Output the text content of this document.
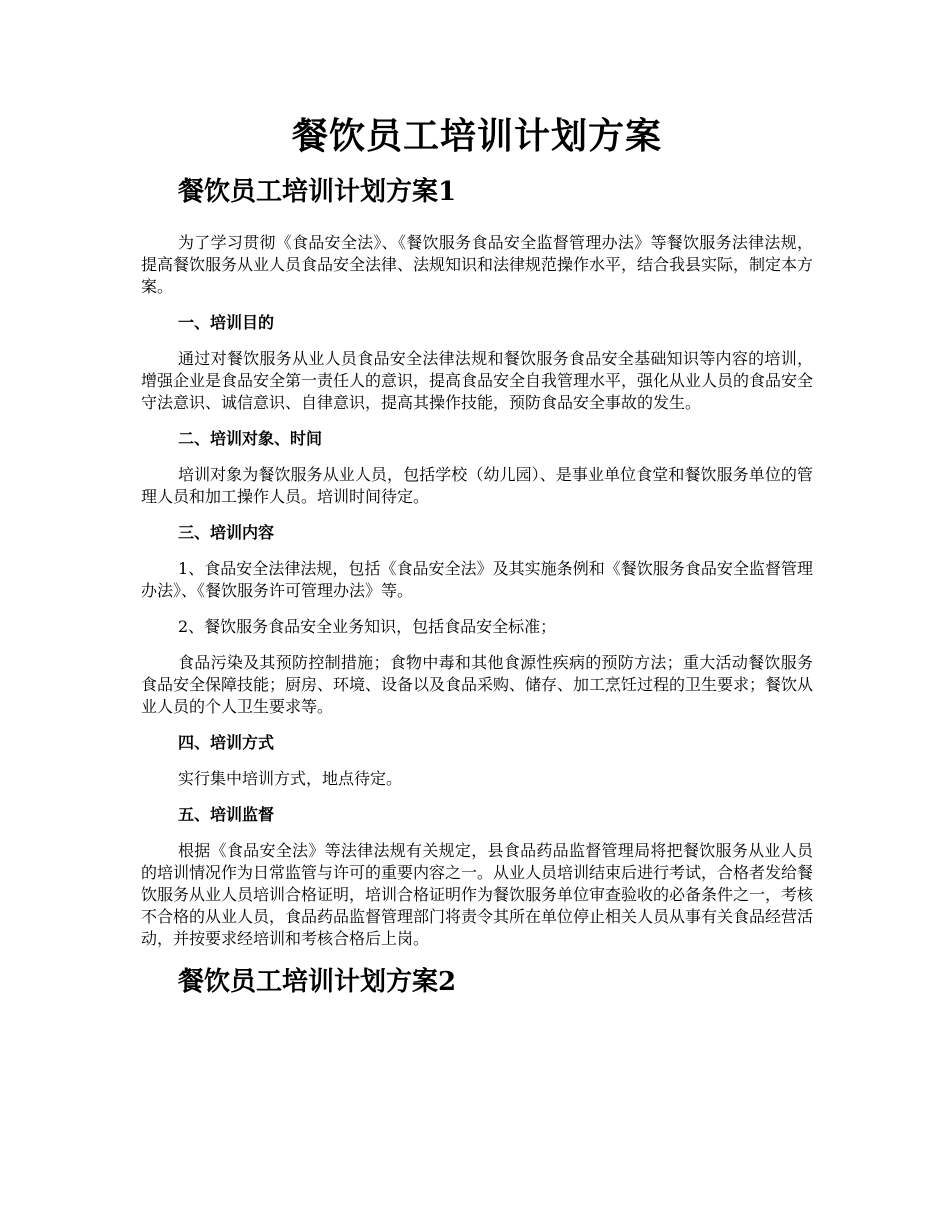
餐饮员工培训计划方案
餐饮员工培训计划方案1

为了学习贯彻《食品安全法》、《餐饮服务食品安全监督管理办法》等餐饮服务法律法规，提高餐饮服务从业人员食品安全法律、法规知识和法律规范操作水平，结合我县实际，制定本方案。

一、培训目的

通过对餐饮服务从业人员食品安全法律法规和餐饮服务食品安全基础知识等内容的培训，增强企业是食品安全第一责任人的意识，提高食品安全自我管理水平，强化从业人员的食品安全守法意识、诚信意识、自律意识，提高其操作技能，预防食品安全事故的发生。

二、培训对象、时间

培训对象为餐饮服务从业人员，包括学校（幼儿园）、是事业单位食堂和餐饮服务单位的管理人员和加工操作人员。培训时间待定。

三、培训内容

1、食品安全法律法规，包括《食品安全法》及其实施条例和《餐饮服务食品安全监督管理办法》、《餐饮服务许可管理办法》等。

2、餐饮服务食品安全业务知识，包括食品安全标准；

食品污染及其预防控制措施；食物中毒和其他食源性疾病的预防方法；重大活动餐饮服务食品安全保障技能；厨房、环境、设备以及食品采购、储存、加工烹饪过程的卫生要求；餐饮从业人员的个人卫生要求等。

四、培训方式

实行集中培训方式，地点待定。

五、培训监督

根据《食品安全法》等法律法规有关规定，县食品药品监督管理局将把餐饮服务从业人员的培训情况作为日常监管与许可的重要内容之一。从业人员培训结束后进行考试，合格者发给餐饮服务从业人员培训合格证明，培训合格证明作为餐饮服务单位审查验收的必备条件之一，考核不合格的从业人员，食品药品监督管理部门将责令其所在单位停止相关人员从事有关食品经营活动，并按要求经培训和考核合格后上岗。

餐饮员工培训计划方案2
